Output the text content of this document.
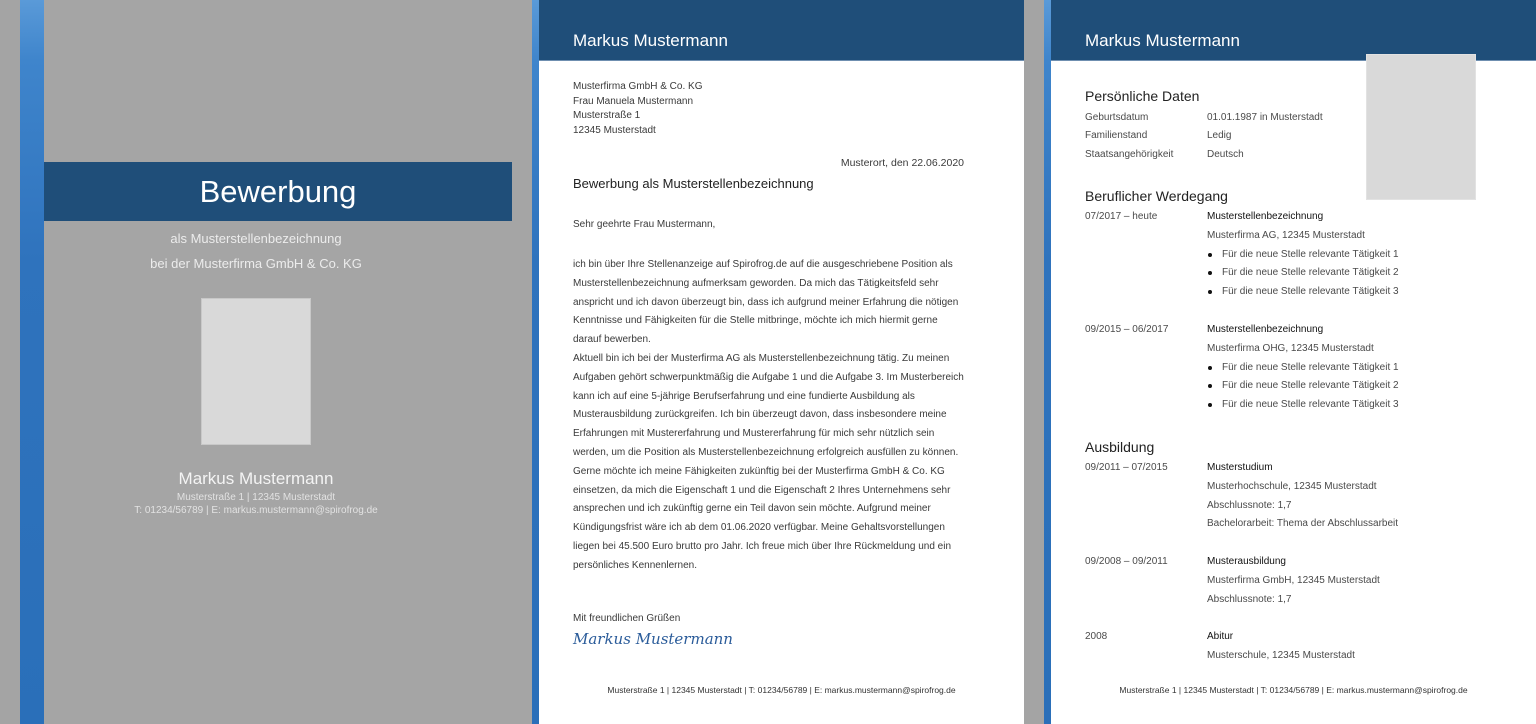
Bewerbung
als Musterstellenbezeichnung
bei der Musterfirma GmbH & Co. KG
Markus Mustermann
Musterstraße 1 | 12345 Musterstadt
T: 01234/56789 | E: markus.mustermann@spirofrog.de
Markus Mustermann
Musterfirma GmbH & Co. KG
Frau Manuela Mustermann
Musterstraße 1
12345 Musterstadt
Musterort, den 22.06.2020
Bewerbung als Musterstellenbezeichnung
Sehr geehrte Frau Mustermann,

ich bin über Ihre Stellenanzeige auf Spirofrog.de auf die ausgeschriebene Position als Musterstellenbezeichnung aufmerksam geworden. Da mich das Tätigkeitsfeld sehr anspricht und ich davon überzeugt bin, dass ich aufgrund meiner Erfahrung die nötigen Kenntnisse und Fähigkeiten für die Stelle mitbringe, möchte ich mich hiermit gerne darauf bewerben.

Aktuell bin ich bei der Musterfirma AG als Musterstellenbezeichnung tätig. Zu meinen Aufgaben gehört schwerpunktmäßig die Aufgabe 1 und die Aufgabe 3. Im Musterbereich kann ich auf eine 5-jährige Berufserfahrung und eine fundierte Ausbildung als Musterausbildung zurückgreifen. Ich bin überzeugt davon, dass insbesondere meine Erfahrungen mit Mustererfahrung und Mustererfahrung für mich sehr nützlich sein werden, um die Position als Musterstellenbezeichnung erfolgreich ausfüllen zu können.

Gerne möchte ich meine Fähigkeiten zukünftig bei der Musterfirma GmbH & Co. KG einsetzen, da mich die Eigenschaft 1 und die Eigenschaft 2 Ihres Unternehmens sehr ansprechen und ich zukünftig gerne ein Teil davon sein möchte. Aufgrund meiner Kündigungsfrist wäre ich ab dem 01.06.2020 verfügbar. Meine Gehaltsvorstellungen liegen bei 45.500 Euro brutto pro Jahr. Ich freue mich über Ihre Rückmeldung und ein persönliches Kennenlernen.

Mit freundlichen Grüßen
Markus Mustermann
Musterstraße 1 | 12345 Musterstadt | T: 01234/56789 | E: markus.mustermann@spirofrog.de
Markus Mustermann
Persönliche Daten
Geburtsdatum	01.01.1987 in Musterstadt
Familienstand	Ledig
Staatsangehörigkeit	Deutsch
Beruflicher Werdegang
07/2017 – heute	Musterstellenbezeichnung
Musterfirma AG, 12345 Musterstadt
Für die neue Stelle relevante Tätigkeit 1
Für die neue Stelle relevante Tätigkeit 2
Für die neue Stelle relevante Tätigkeit 3
09/2015 – 06/2017	Musterstellenbezeichnung
Musterfirma OHG, 12345 Musterstadt
Für die neue Stelle relevante Tätigkeit 1
Für die neue Stelle relevante Tätigkeit 2
Für die neue Stelle relevante Tätigkeit 3
Ausbildung
09/2011 – 07/2015	Musterstudium
Musterhochschule, 12345 Musterstadt
Abschlussnote: 1,7
Bachelorarbeit: Thema der Abschlussarbeit
09/2008 – 09/2011	Musterausbildung
Musterfirma GmbH, 12345 Musterstadt
Abschlussnote: 1,7
2008	Abitur
Musterschule, 12345 Musterstadt
Musterstraße 1 | 12345 Musterstadt | T: 01234/56789 | E: markus.mustermann@spirofrog.de
